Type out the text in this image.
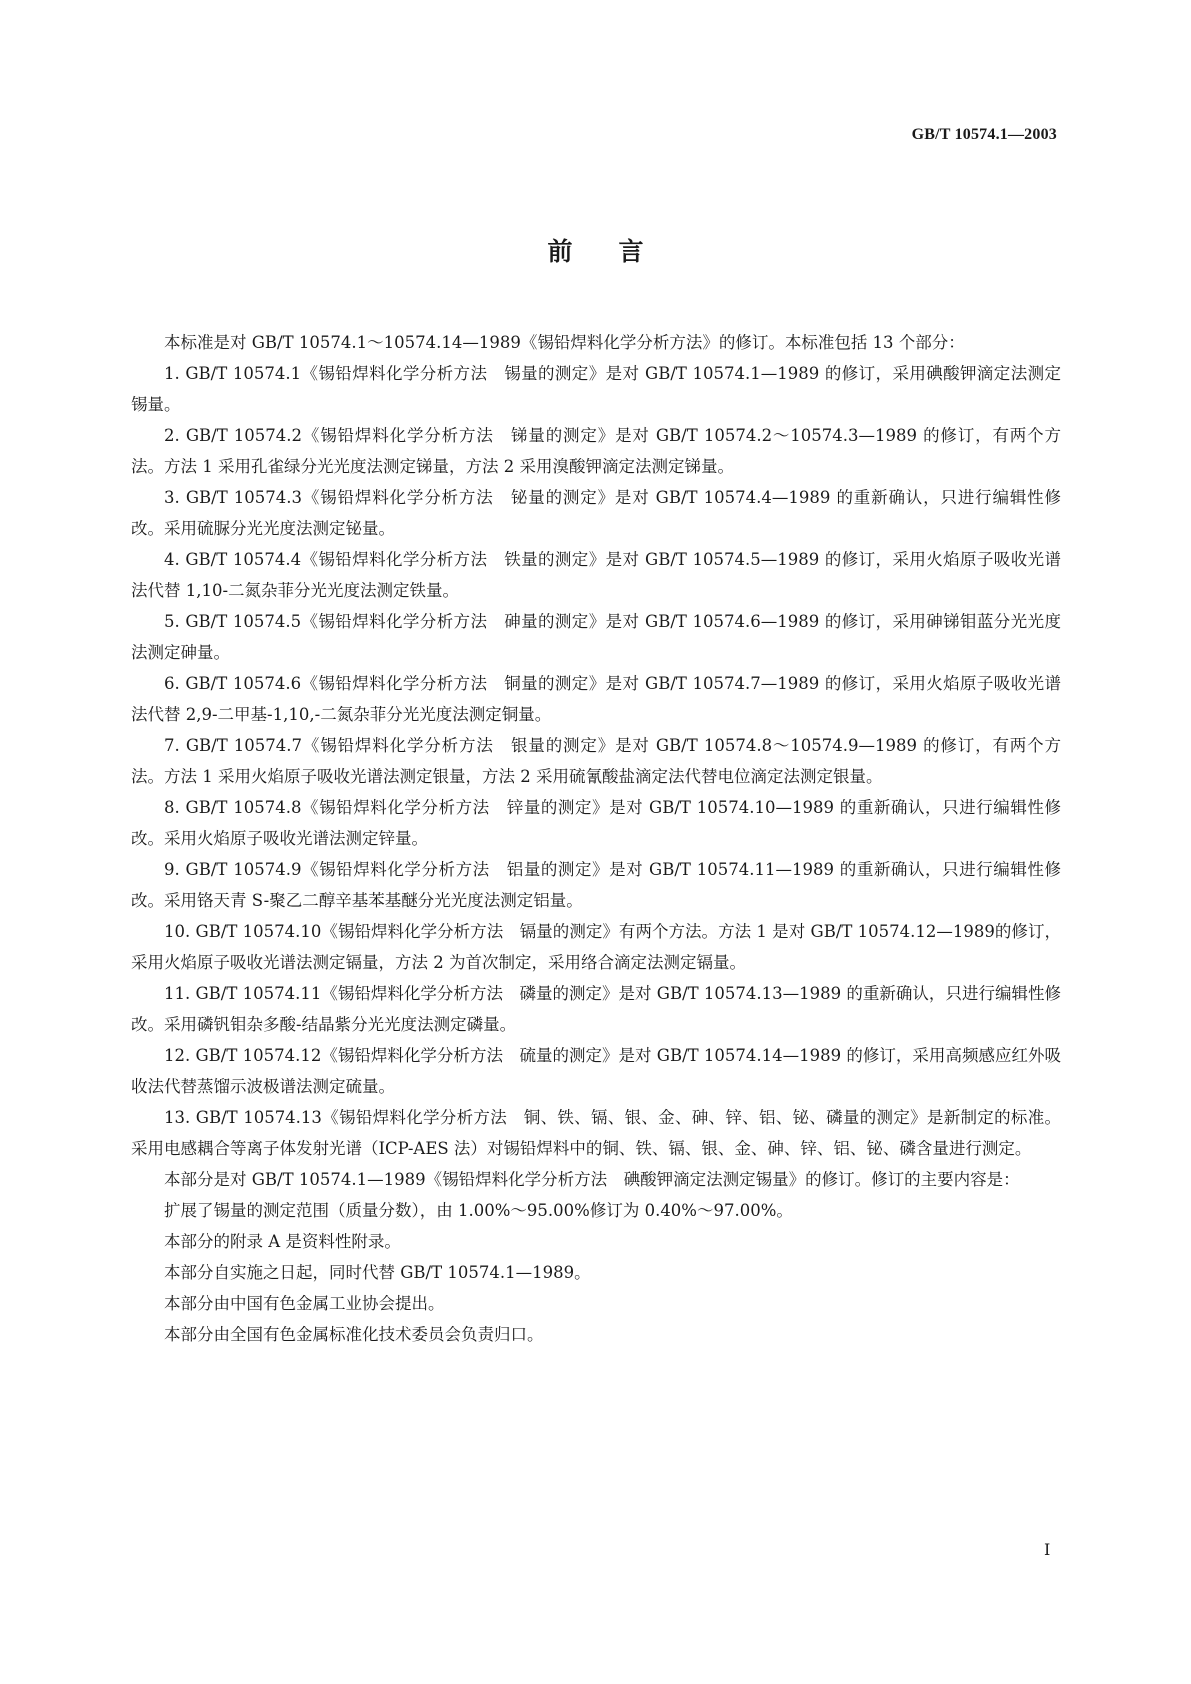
GB/T 10574.1—2003
前言

本标准是对 GB/T 10574.1～10574.14—1989《锡铅焊料化学分析方法》的修订。本标准包括 13 个部分：

1. GB/T 10574.1《锡铅焊料化学分析方法　锡量的测定》是对 GB/T 10574.1—1989 的修订，采用碘酸钾滴定法测定锡量。

2. GB/T 10574.2《锡铅焊料化学分析方法　锑量的测定》是对 GB/T 10574.2～10574.3—1989 的修订，有两个方法。方法 1 采用孔雀绿分光光度法测定锑量，方法 2 采用溴酸钾滴定法测定锑量。

3. GB/T 10574.3《锡铅焊料化学分析方法　铋量的测定》是对 GB/T 10574.4—1989 的重新确认，只进行编辑性修改。采用硫脲分光光度法测定铋量。

4. GB/T 10574.4《锡铅焊料化学分析方法　铁量的测定》是对 GB/T 10574.5—1989 的修订，采用火焰原子吸收光谱法代替 1,10-二氮杂菲分光光度法测定铁量。

5. GB/T 10574.5《锡铅焊料化学分析方法　砷量的测定》是对 GB/T 10574.6—1989 的修订，采用砷锑钼蓝分光光度法测定砷量。

6. GB/T 10574.6《锡铅焊料化学分析方法　铜量的测定》是对 GB/T 10574.7—1989 的修订，采用火焰原子吸收光谱法代替 2,9-二甲基-1,10,-二氮杂菲分光光度法测定铜量。

7. GB/T 10574.7《锡铅焊料化学分析方法　银量的测定》是对 GB/T 10574.8～10574.9—1989 的修订，有两个方法。方法 1 采用火焰原子吸收光谱法测定银量，方法 2 采用硫氰酸盐滴定法代替电位滴定法测定银量。

8. GB/T 10574.8《锡铅焊料化学分析方法　锌量的测定》是对 GB/T 10574.10—1989 的重新确认，只进行编辑性修改。采用火焰原子吸收光谱法测定锌量。

9. GB/T 10574.9《锡铅焊料化学分析方法　铝量的测定》是对 GB/T 10574.11—1989 的重新确认，只进行编辑性修改。采用铬天青 S-聚乙二醇辛基苯基醚分光光度法测定铝量。

10. GB/T 10574.10《锡铅焊料化学分析方法　镉量的测定》有两个方法。方法 1 是对 GB/T 10574.12—1989的修订，采用火焰原子吸收光谱法测定镉量，方法 2 为首次制定，采用络合滴定法测定镉量。

11. GB/T 10574.11《锡铅焊料化学分析方法　磷量的测定》是对 GB/T 10574.13—1989 的重新确认，只进行编辑性修改。采用磷钒钼杂多酸-结晶紫分光光度法测定磷量。

12. GB/T 10574.12《锡铅焊料化学分析方法　硫量的测定》是对 GB/T 10574.14—1989 的修订，采用高频感应红外吸收法代替蒸馏示波极谱法测定硫量。

13. GB/T 10574.13《锡铅焊料化学分析方法　铜、铁、镉、银、金、砷、锌、铝、铋、磷量的测定》是新制定的标准。采用电感耦合等离子体发射光谱（ICP-AES 法）对锡铅焊料中的铜、铁、镉、银、金、砷、锌、铝、铋、磷含量进行测定。

本部分是对 GB/T 10574.1—1989《锡铅焊料化学分析方法　碘酸钾滴定法测定锡量》的修订。修订的主要内容是：

扩展了锡量的测定范围（质量分数），由 1.00%～95.00%修订为 0.40%～97.00%。

本部分的附录 A 是资料性附录。

本部分自实施之日起，同时代替 GB/T 10574.1—1989。

本部分由中国有色金属工业协会提出。

本部分由全国有色金属标准化技术委员会负责归口。

I
